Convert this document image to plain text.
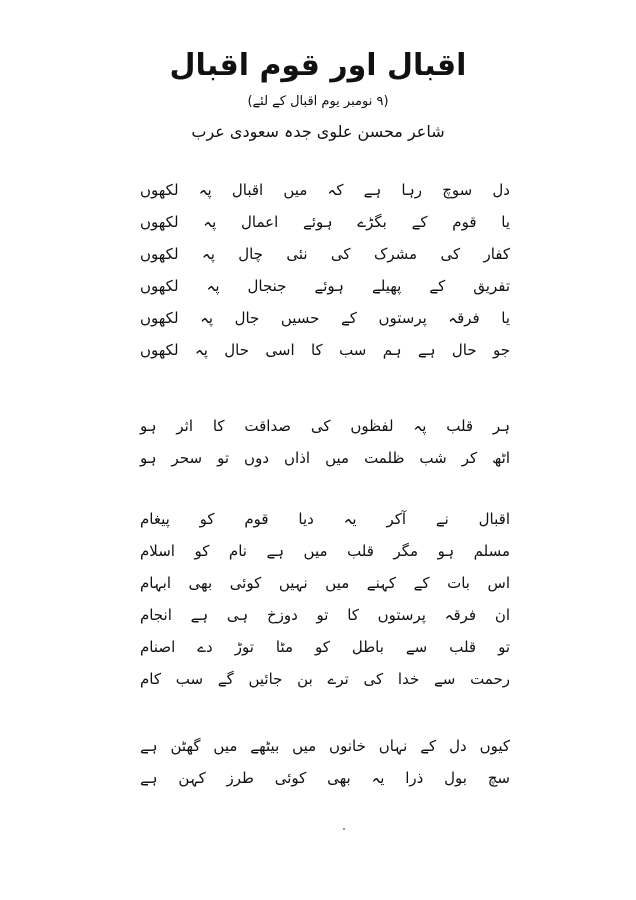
اقبال اور قوم اقبال
(۹ نومبر یوم اقبال کے لئے)
شاعر محسن علوی جدہ سعودی عرب
دل سوچ رہا ہے کہ میں اقبال پہ لکھوں
یا قوم کے بگڑے ہوئے اعمال پہ لکھوں
کفار کی مشرک کی نئی چال پہ لکھوں
تفریق کے پھیلے ہوئے جنجال پہ لکھوں
یا فرقہ پرستوں کے حسیں جال پہ لکھوں
جو حال ہے ہم سب کا اسی حال پہ لکھوں
ہر قلب پہ لفظوں کی صداقت کا اثر ہو
اٹھ کر شب ظلمت میں اذاں دوں تو سحر ہو
اقبال نے آکر یہ دیا قوم کو پیغام
مسلم ہو مگر قلب میں ہے نام کو اسلام
اس بات کے کہنے میں نہیں کوئی بھی ابہام
ان فرقہ پرستوں کا تو دوزخ ہی ہے انجام
تو قلب سے باطل کو مٹا توڑ دے اصنام
رحمت سے خدا کی ترے بن جائیں گے سب کام
کیوں دل کے نہاں خانوں میں بیٹھے میں گھٹن ہے
سچ بول ذرا یہ بھی کوئی طرز کہن ہے
